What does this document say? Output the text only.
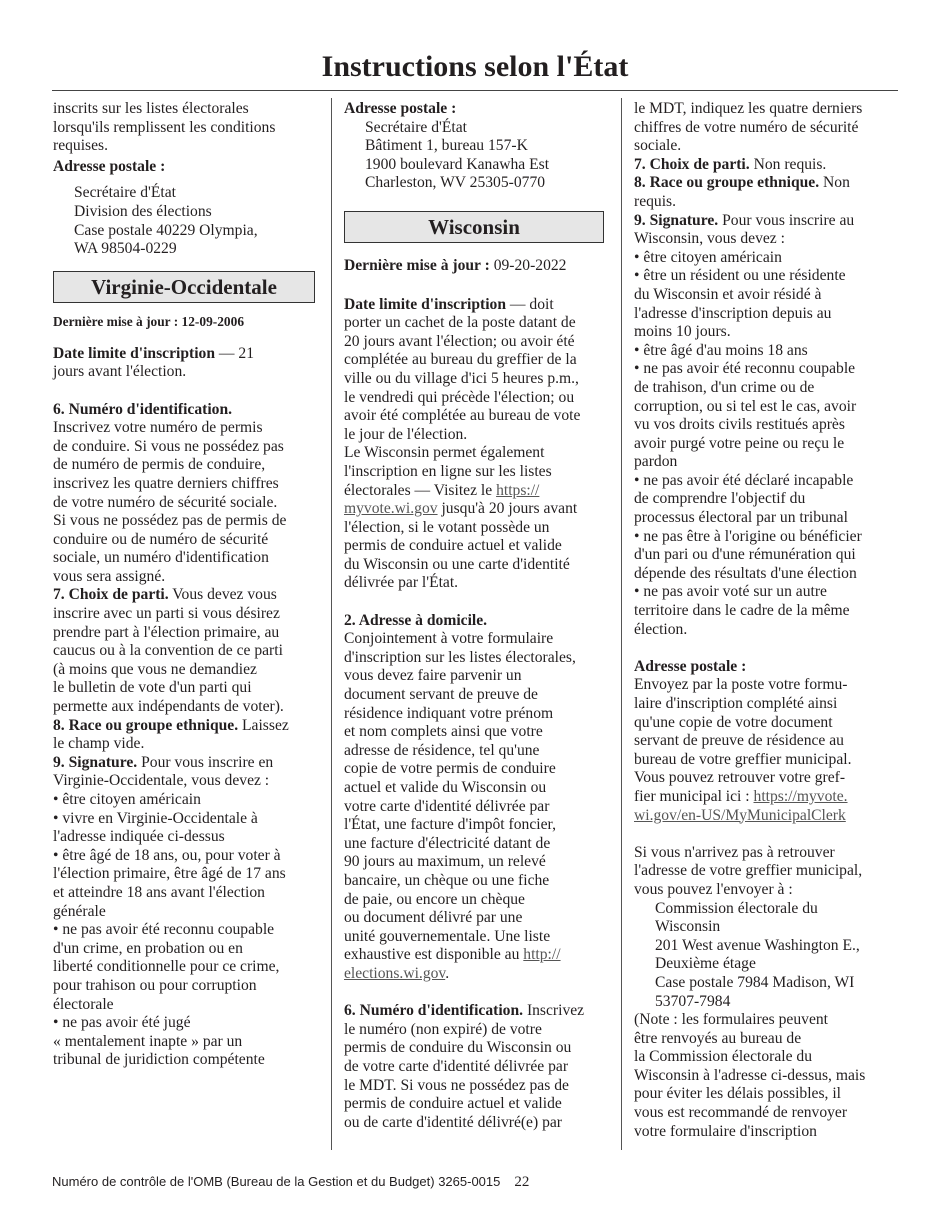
Instructions selon l'État

inscrits sur les listes électorales

lorsqu'ils remplissent les conditions

requises.

Adresse postale :

Secrétaire d'État

Division des élections

Case postale 40229 Olympia,

WA 98504-0229

Virginie-Occidentale

Dernière mise à jour : 12-09-2006

Date limite d'inscription — 21

jours avant l'élection.

6. Numéro d'identification.

Inscrivez votre numéro de permis

de conduire. Si vous ne possédez pas

de numéro de permis de conduire,

inscrivez les quatre derniers chiffres

de votre numéro de sécurité sociale.

Si vous ne possédez pas de permis de

conduire ou de numéro de sécurité

sociale, un numéro d'identification

vous sera assigné.

7. Choix de parti. Vous devez vous

inscrire avec un parti si vous désirez

prendre part à l'élection primaire, au

caucus ou à la convention de ce parti

(à moins que vous ne demandiez

le bulletin de vote d'un parti qui

permette aux indépendants de voter).

8. Race ou groupe ethnique. Laissez

le champ vide.

9. Signature. Pour vous inscrire en

Virginie-Occidentale, vous devez :

• être citoyen américain

• vivre en Virginie-Occidentale à

l'adresse indiquée ci-dessus

• être âgé de 18 ans, ou, pour voter à

l'élection primaire, être âgé de 17 ans

et atteindre 18 ans avant l'élection

générale

• ne pas avoir été reconnu coupable

d'un crime, en probation ou en

liberté conditionnelle pour ce crime,

pour trahison ou pour corruption

électorale

• ne pas avoir été jugé

« mentalement inapte » par un

tribunal de juridiction compétente

Adresse postale :

Secrétaire d'État

Bâtiment 1, bureau 157-K

1900 boulevard Kanawha Est

Charleston, WV 25305-0770

Wisconsin

Dernière mise à jour : 09-20-2022

Date limite d'inscription — doit

porter un cachet de la poste datant de

20 jours avant l'élection; ou avoir été

complétée au bureau du greffier de la

ville ou du village d'ici 5 heures p.m.,

le vendredi qui précède l'élection; ou

avoir été complétée au bureau de vote

le jour de l'élection.

Le Wisconsin permet également

l'inscription en ligne sur les listes

électorales — Visitez le https://

myvote.wi.gov jusqu'à 20 jours avant

l'élection, si le votant possède un

permis de conduire actuel et valide

du Wisconsin ou une carte d'identité

délivrée par l'État.

2. Adresse à domicile.

Conjointement à votre formulaire

d'inscription sur les listes électorales,

vous devez faire parvenir un

document servant de preuve de

résidence indiquant votre prénom

et nom complets ainsi que votre

adresse de résidence, tel qu'une

copie de votre permis de conduire

actuel et valide du Wisconsin ou

votre carte d'identité délivrée par

l'État, une facture d'impôt foncier,

une facture d'électricité datant de

90 jours au maximum, un relevé

bancaire, un chèque ou une fiche

de paie, ou encore un chèque

ou document délivré par une

unité gouvernementale. Une liste

exhaustive est disponible au http://

elections.wi.gov.

6. Numéro d'identification. Inscrivez

le numéro (non expiré) de votre

permis de conduire du Wisconsin ou

de votre carte d'identité délivrée par

le MDT. Si vous ne possédez pas de

permis de conduire actuel et valide

ou de carte d'identité délivré(e) par

le MDT, indiquez les quatre derniers

chiffres de votre numéro de sécurité

sociale.

7. Choix de parti. Non requis.

8. Race ou groupe ethnique. Non

requis.

9. Signature. Pour vous inscrire au

Wisconsin, vous devez :

• être citoyen américain

• être un résident ou une résidente

du Wisconsin et avoir résidé à

l'adresse d'inscription depuis au

moins 10 jours.

• être âgé d'au moins 18 ans

• ne pas avoir été reconnu coupable

de trahison, d'un crime ou de

corruption, ou si tel est le cas, avoir

vu vos droits civils restitués après

avoir purgé votre peine ou reçu le

pardon

• ne pas avoir été déclaré incapable

de comprendre l'objectif du

processus électoral par un tribunal

• ne pas être à l'origine ou bénéficier

d'un pari ou d'une rémunération qui

dépende des résultats d'une élection

• ne pas avoir voté sur un autre

territoire dans le cadre de la même

élection.

Adresse postale :

Envoyez par la poste votre formu-

laire d'inscription complété ainsi

qu'une copie de votre document

servant de preuve de résidence au

bureau de votre greffier municipal.

Vous pouvez retrouver votre gref-

fier municipal ici : https://myvote.

wi.gov/en-US/MyMunicipalClerk

Si vous n'arrivez pas à retrouver

l'adresse de votre greffier municipal,

vous pouvez l'envoyer à :

Commission électorale du

Wisconsin

201 West avenue Washington E.,

Deuxième étage

Case postale 7984 Madison, WI

53707-7984

(Note : les formulaires peuvent

être renvoyés au bureau de

la Commission électorale du

Wisconsin à l'adresse ci-dessus, mais

pour éviter les délais possibles, il

vous est recommandé de renvoyer

votre formulaire d'inscription

Numéro de contrôle de l'OMB (Bureau de la Gestion et du Budget) 3265-0015 22
